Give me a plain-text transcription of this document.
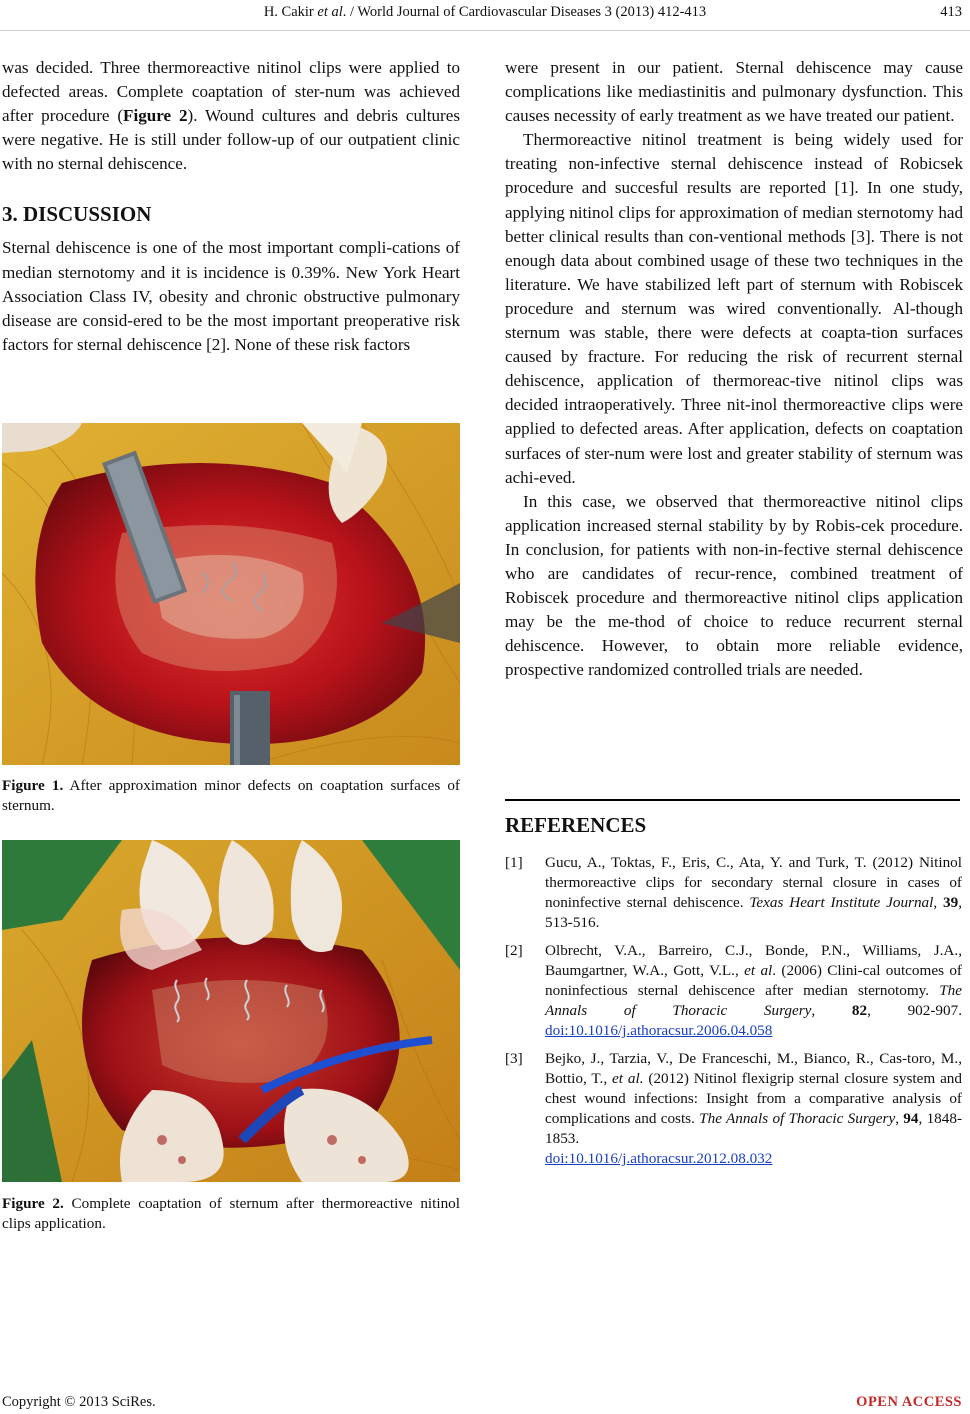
H. Cakir et al. / World Journal of Cardiovascular Diseases 3 (2013) 412-413	413

was decided. Three thermoreactive nitinol clips were applied to defected areas. Complete coaptation of ster-num was achieved after procedure (Figure 2). Wound cultures and debris cultures were negative. He is still under follow-up of our outpatient clinic with no sternal dehiscence.

3. DISCUSSION

Sternal dehiscence is one of the most important compli-cations of median sternotomy and it is incidence is 0.39%. New York Heart Association Class IV, obesity and chronic obstructive pulmonary disease are consid-ered to be the most important preoperative risk factors for sternal dehiscence [2]. None of these risk factors

Figure 1. After approximation minor defects on coaptation surfaces of sternum.
Figure 2. Complete coaptation of sternum after thermoreactive nitinol clips application.

were present in our patient. Sternal dehiscence may cause complications like mediastinitis and pulmonary dysfunction. This causes necessity of early treatment as we have treated our patient.

Thermoreactive nitinol treatment is being widely used for treating non-infective sternal dehiscence instead of Robicsek procedure and succesful results are reported [1]. In one study, applying nitinol clips for approximation of median sternotomy had better clinical results than con-ventional methods [3]. There is not enough data about combined usage of these two techniques in the literature. We have stabilized left part of sternum with Robiscek procedure and sternum was wired conventionally. Al-though sternum was stable, there were defects at coapta-tion surfaces caused by fracture. For reducing the risk of recurrent sternal dehiscence, application of thermoreac-tive nitinol clips was decided intraoperatively. Three nit-inol thermoreactive clips were applied to defected areas. After application, defects on coaptation surfaces of ster-num were lost and greater stability of sternum was achi-eved.

In this case, we observed that thermoreactive nitinol clips application increased sternal stability by by Robis-cek procedure. In conclusion, for patients with non-in-fective sternal dehiscence who are candidates of recur-rence, combined treatment of Robiscek procedure and thermoreactive nitinol clips application may be the me-thod of choice to reduce recurrent sternal dehiscence. However, to obtain more reliable evidence, prospective randomized controlled trials are needed.

REFERENCES
[1] Gucu, A., Toktas, F., Eris, C., Ata, Y. and Turk, T. (2012) Nitinol thermoreactive clips for secondary sternal closure in cases of noninfective sternal dehiscence. Texas Heart Institute Journal, 39, 513-516.
[2] Olbrecht, V.A., Barreiro, C.J., Bonde, P.N., Williams, J.A., Baumgartner, W.A., Gott, V.L., et al. (2006) Clini-cal outcomes of noninfectious sternal dehiscence after median sternotomy. The Annals of Thoracic Surgery, 82, 902-907. doi:10.1016/j.athoracsur.2006.04.058
[3] Bejko, J., Tarzia, V., De Franceschi, M., Bianco, R., Cas-toro, M., Bottio, T., et al. (2012) Nitinol flexigrip sternal closure system and chest wound infections: Insight from a comparative analysis of complications and costs. The Annals of Thoracic Surgery, 94, 1848-1853.
doi:10.1016/j.athoracsur.2012.08.032
Copyright © 2013 SciRes.	OPEN ACCESS
